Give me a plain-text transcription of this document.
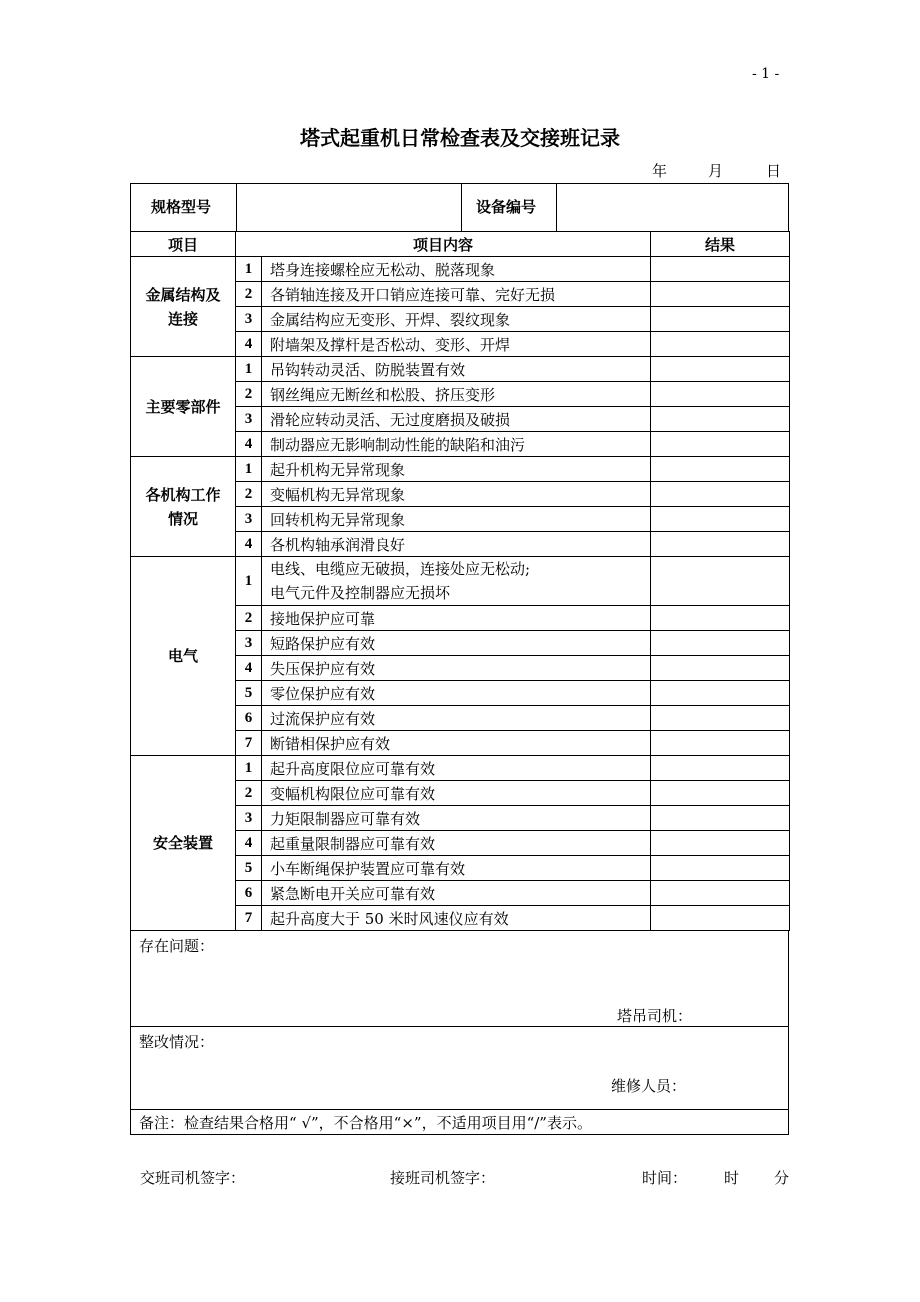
- 1 -
塔式起重机日常检查表及交接班记录
年	月	日
规格型号	设备编号
项目	项目内容		结果

金属结构及
连接	1	塔身连接螺栓应无松动、脱落现象	
	2	各销轴连接及开口销应连接可靠、完好无损	
	3	金属结构应无变形、开焊、裂纹现象	
	4	附墙架及撑杆是否松动、变形、开焊	

主要零部件	1	吊钩转动灵活、防脱装置有效	
	2	钢丝绳应无断丝和松股、挤压变形	
	3	滑轮应转动灵活、无过度磨损及破损	
	4	制动器应无影响制动性能的缺陷和油污	

各机构工作
情况	1	起升机构无异常现象	
	2	变幅机构无异常现象	
	3	回转机构无异常现象	
	4	各机构轴承润滑良好	

电气	1	电线、电缆应无破损，连接处应无松动;
电气元件及控制器应无损坏	

	2	接地保护应可靠	
	3	短路保护应有效	
	4	失压保护应有效	
	5	零位保护应有效	
	6	过流保护应有效	
	7	断错相保护应有效	

安全装置	1	起升高度限位应可靠有效	
	2	变幅机构限位应可靠有效	
	3	力矩限制器应可靠有效	
	4	起重量限制器应可靠有效	
	5	小车断绳保护装置应可靠有效	
	6	紧急断电开关应可靠有效	
	7	起升高度大于 50 米时风速仪应有效	
存在问题：
塔吊司机：
整改情况：
维修人员：
备注：检查结果合格用“ √”，不合格用“×”，不适用项目用“/”表示。
交班司机签字：	接班司机签字：	时间： 时 分
